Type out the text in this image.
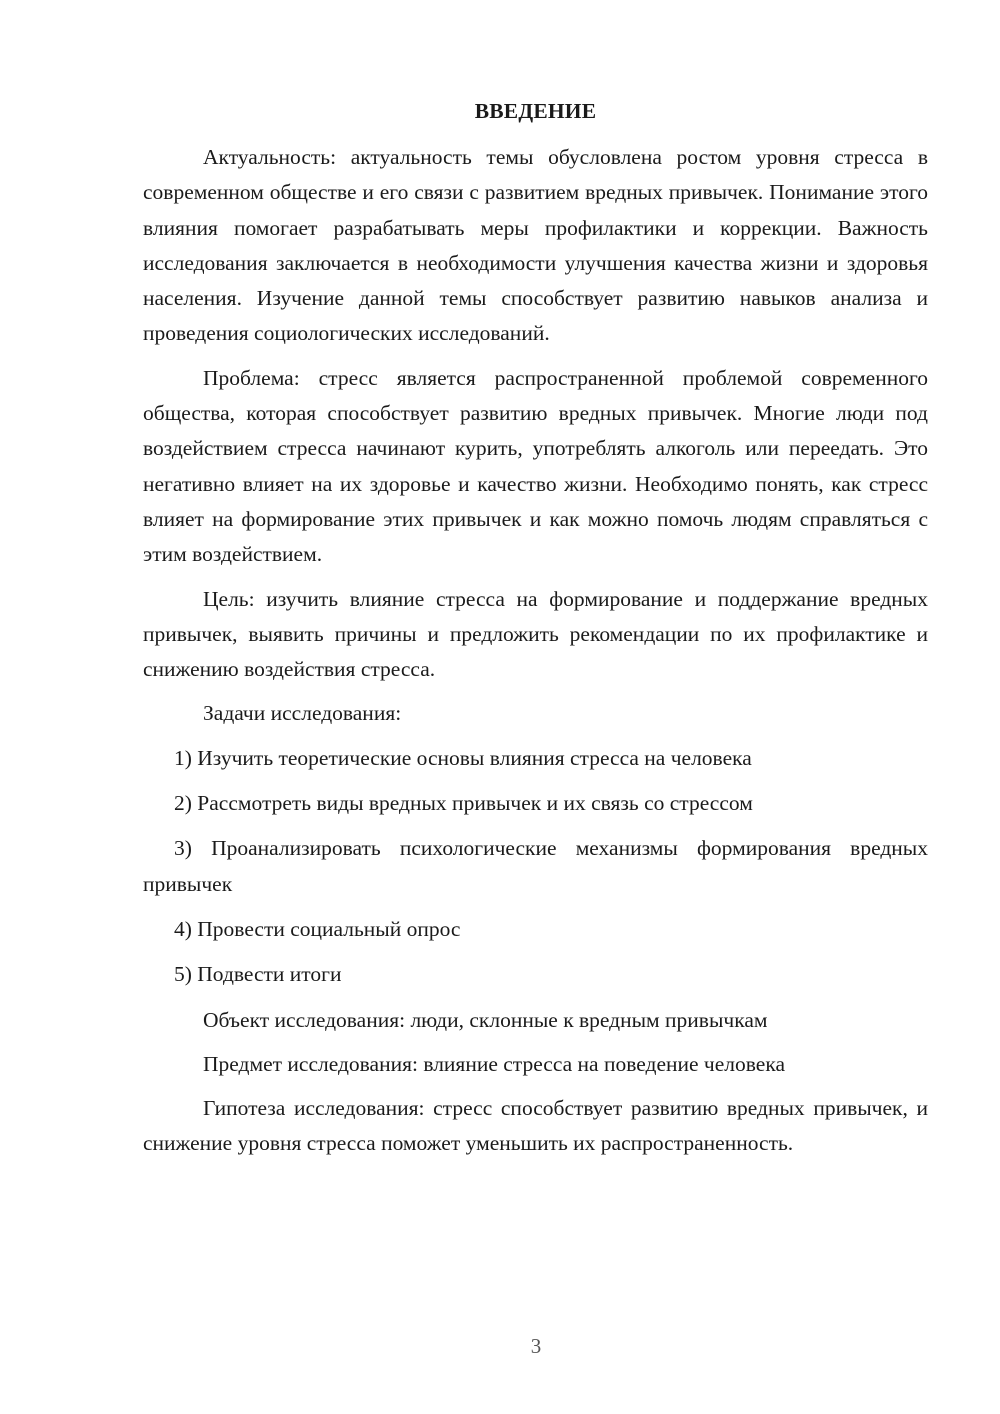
ВВЕДЕНИЕ

Актуальность: актуальность темы обусловлена ростом уровня стресса в современном обществе и его связи с развитием вредных привычек. Понимание этого влияния помогает разрабатывать меры профилактики и коррекции. Важность исследования заключается в необходимости улучшения качества жизни и здоровья населения. Изучение данной темы способствует развитию навыков анализа и проведения социологических исследований.

Проблема: стресс является распространенной проблемой современного общества, которая способствует развитию вредных привычек. Многие люди под воздействием стресса начинают курить, употреблять алкоголь или переедать. Это негативно влияет на их здоровье и качество жизни. Необходимо понять, как стресс влияет на формирование этих привычек и как можно помочь людям справляться с этим воздействием.

Цель: изучить влияние стресса на формирование и поддержание вредных привычек, выявить причины и предложить рекомендации по их профилактике и снижению воздействия стресса.

Задачи исследования:

1) Изучить теоретические основы влияния стресса на человека

2) Рассмотреть виды вредных привычек и их связь со стрессом

3) Проанализировать психологические механизмы формирования вредных привычек

4) Провести социальный опрос

5) Подвести итоги

Объект исследования: люди, склонные к вредным привычкам

Предмет исследования: влияние стресса на поведение человека

Гипотеза исследования: стресс способствует развитию вредных привычек, и снижение уровня стресса поможет уменьшить их распространенность.

3
